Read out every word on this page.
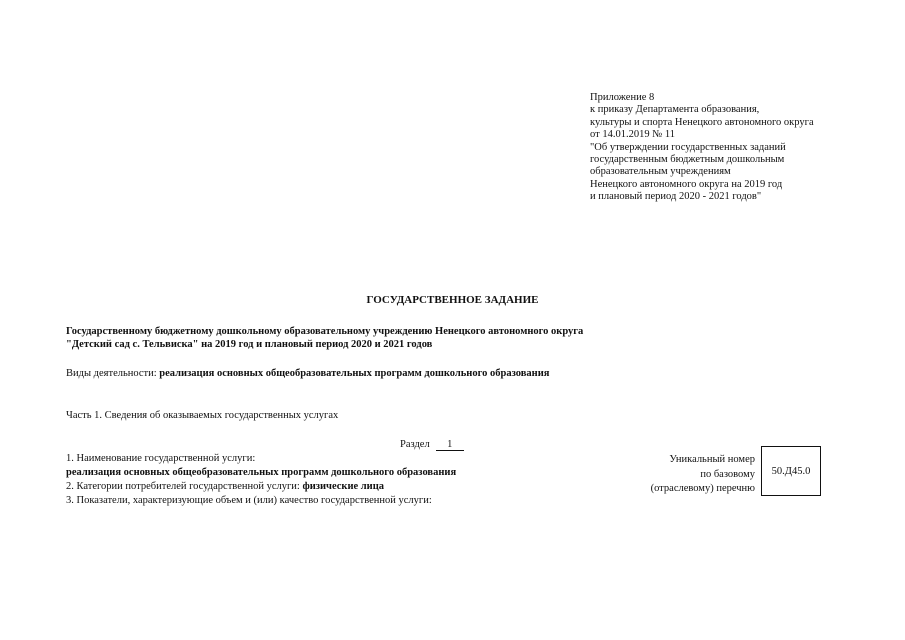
Приложение 8
к приказу Департамента образования,
культуры и спорта Ненецкого автономного округа
от 14.01.2019 № 11
"Об утверждении государственных заданий
государственным бюджетным дошкольным
образовательным учреждениям
Ненецкого автономного округа на 2019 год
и плановый период 2020 - 2021 годов"
ГОСУДАРСТВЕННОЕ ЗАДАНИЕ
Государственному бюджетному дошкольному образовательному учреждению Ненецкого автономного округа
"Детский сад с. Тельвиска" на 2019 год и плановый период 2020 и 2021 годов
Виды деятельности: реализация основных общеобразовательных программ дошкольного образования
Часть 1. Сведения об оказываемых государственных услугах
Раздел 1
1. Наименование государственной услуги:
реализация основных общеобразовательных программ дошкольного образования
2. Категории потребителей государственной услуги: физические лица
3. Показатели, характеризующие объем и (или) качество государственной услуги:
Уникальный номер
по базовому
(отраслевому) перечню
50.Д45.0
